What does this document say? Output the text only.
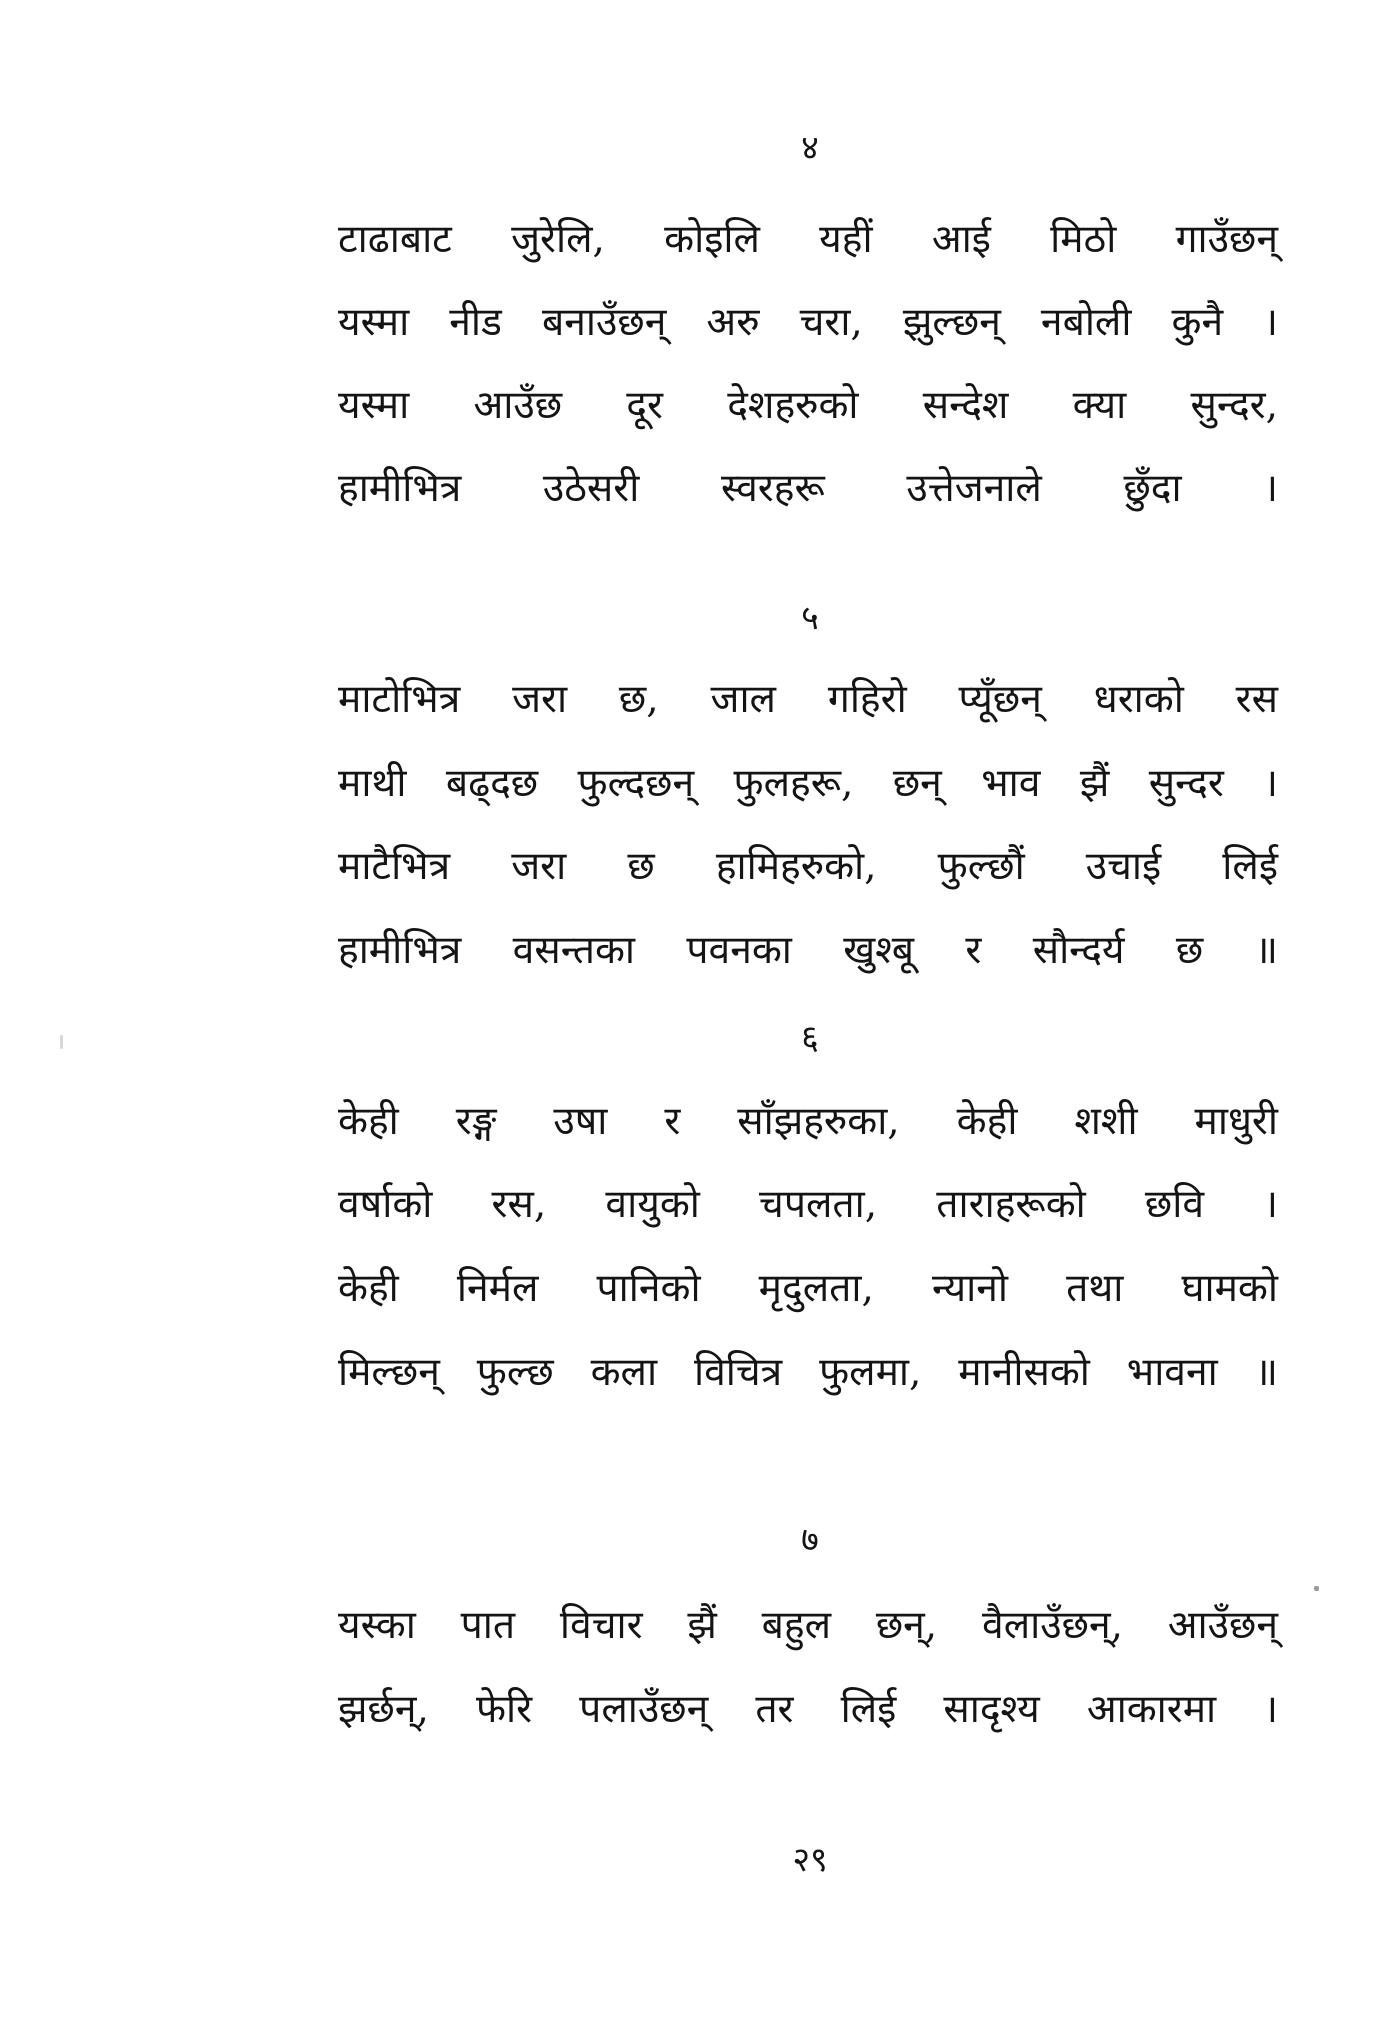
४
टाढाबाट जुरेलि, कोइलि यहीं आई मिठो गाउँछन्
यस्मा नीड बनाउँछन् अरु चरा, झुल्छन् नबोली कुनै ।
यस्मा आउँछ दूर देशहरुको सन्देश क्या सुन्दर,
हामीभित्र उठेसरी स्वरहरू उत्तेजनाले छुँदा ।
५
माटोभित्र जरा छ, जाल गहिरो प्यूँछन् धराको रस
माथी बढ्दछ फुल्दछन् फुलहरू, छन् भाव झैं सुन्दर ।
माटैभित्र जरा छ हामिहरुको, फुल्छौं उचाई लिई
हामीभित्र वसन्तका पवनका खुश्बू र सौन्दर्य छ ॥
६
केही रङ्ग उषा र साँझहरुका, केही शशी माधुरी
वर्षाको रस, वायुको चपलता, ताराहरूको छवि ।
केही निर्मल पानिको मृदुलता, न्यानो तथा घामको
मिल्छन् फुल्छ कला विचित्र फुलमा, मानीसको भावना ॥
७
यस्का पात विचार झैं बहुल छन्, वैलाउँछन्, आउँछन्
झर्छन्, फेरि पलाउँछन् तर लिई सादृश्य आकारमा ।
२९
